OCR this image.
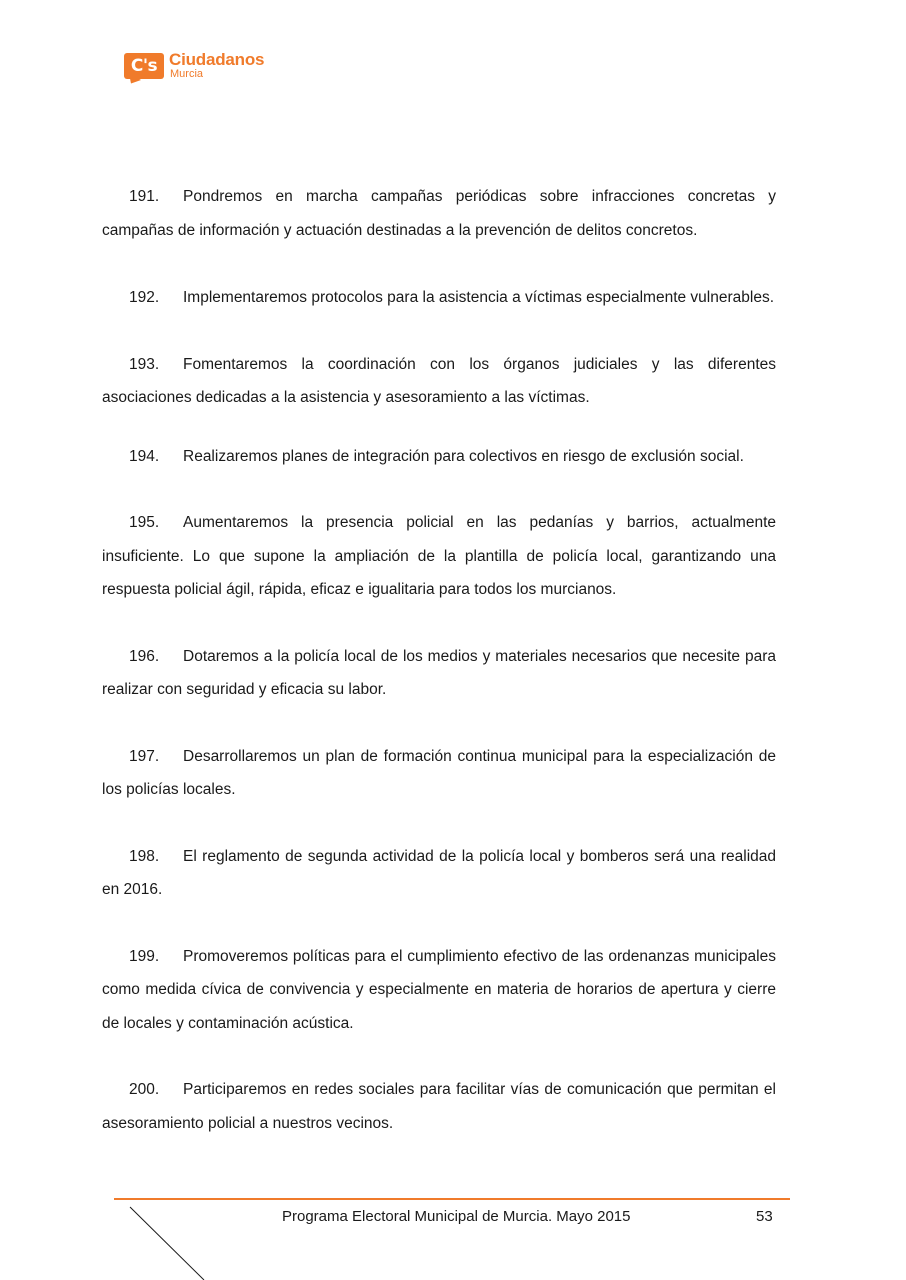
C's Ciudadanos
Murcia

191. Pondremos en marcha campañas periódicas sobre infracciones concretas y campañas de información y actuación destinadas a la prevención de delitos concretos.

192. Implementaremos protocolos para la asistencia a víctimas especialmente vulnerables.

193. Fomentaremos la coordinación con los órganos judiciales y las diferentes asociaciones dedicadas a la asistencia y asesoramiento a las víctimas.

194. Realizaremos planes de integración para colectivos en riesgo de exclusión social.

195. Aumentaremos la presencia policial en las pedanías y barrios, actualmente insuficiente. Lo que supone la ampliación de la plantilla de policía local, garantizando una respuesta policial ágil, rápida, eficaz e igualitaria para todos los murcianos.

196. Dotaremos a la policía local de los medios y materiales necesarios que necesite para realizar con seguridad y eficacia su labor.

197. Desarrollaremos un plan de formación continua municipal para la especialización de los policías locales.

198. El reglamento de segunda actividad de la policía local y bomberos será una realidad en 2016.

199. Promoveremos políticas para el cumplimiento efectivo de las ordenanzas municipales como medida cívica de convivencia y especialmente en materia de horarios de apertura y cierre de locales y contaminación acústica.

200. Participaremos en redes sociales para facilitar vías de comunicación que permitan el asesoramiento policial a nuestros vecinos.

Programa Electoral Municipal de Murcia. Mayo 2015	53
